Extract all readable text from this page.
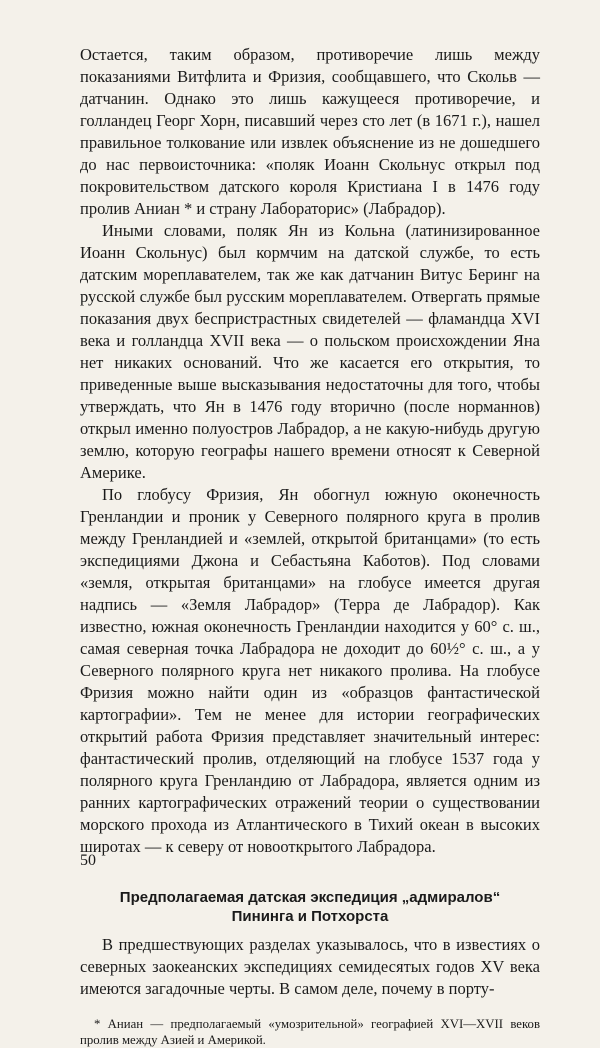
Остается, таким образом, противоречие лишь между показаниями Витфлита и Фризия, сообщавшего, что Скольв — датчанин. Однако это лишь кажущееся противоречие, и голландец Георг Хорн, писавший через сто лет (в 1671 г.), нашел правильное толкование или извлек объяснение из не дошедшего до нас первоисточника: «поляк Иоанн Скольнус открыл под покровительством датского короля Кристиана I в 1476 году пролив Аниан * и страну Лабораторис» (Лабрадор).

Иными словами, поляк Ян из Кольна (латинизированное Иоанн Скольнус) был кормчим на датской службе, то есть датским мореплавателем, так же как датчанин Витус Беринг на русской службе был русским мореплавателем. Отвергать прямые показания двух беспристрастных свидетелей — фламандца XVI века и голландца XVII века — о польском происхождении Яна нет никаких оснований. Что же касается его открытия, то приведенные выше высказывания недостаточны для того, чтобы утверждать, что Ян в 1476 году вторично (после норманнов) открыл именно полуостров Лабрадор, а не какую-нибудь другую землю, которую географы нашего времени относят к Северной Америке.

По глобусу Фризия, Ян обогнул южную оконечность Гренландии и проник у Северного полярного круга в пролив между Гренландией и «землей, открытой британцами» (то есть экспедициями Джона и Себастьяна Каботов). Под словами «земля, открытая британцами» на глобусе имеется другая надпись — «Земля Лабрадор» (Терра де Лабрадор). Как известно, южная оконечность Гренландии находится у 60° с. ш., самая северная точка Лабрадора не доходит до 60½° с. ш., а у Северного полярного круга нет никакого пролива. На глобусе Фризия можно найти один из «образцов фантастической картографии». Тем не менее для истории географических открытий работа Фризия представляет значительный интерес: фантастический пролив, отделяющий на глобусе 1537 года у полярного круга Гренландию от Лабрадора, является одним из ранних картографических отражений теории о существовании морского прохода из Атлантического в Тихий океан в высоких широтах — к северу от новооткрытого Лабрадора.

Предполагаемая датская экспедиция „адмиралов“
Пининга и Потхорста

В предшествующих разделах указывалось, что в известиях о северных заокеанских экспедициях семидесятых годов XV века имеются загадочные черты. В самом деле, почему в порту-

* Аниан — предполагаемый «умозрительной» географией XVI—XVII веков пролив между Азией и Америкой.

50
